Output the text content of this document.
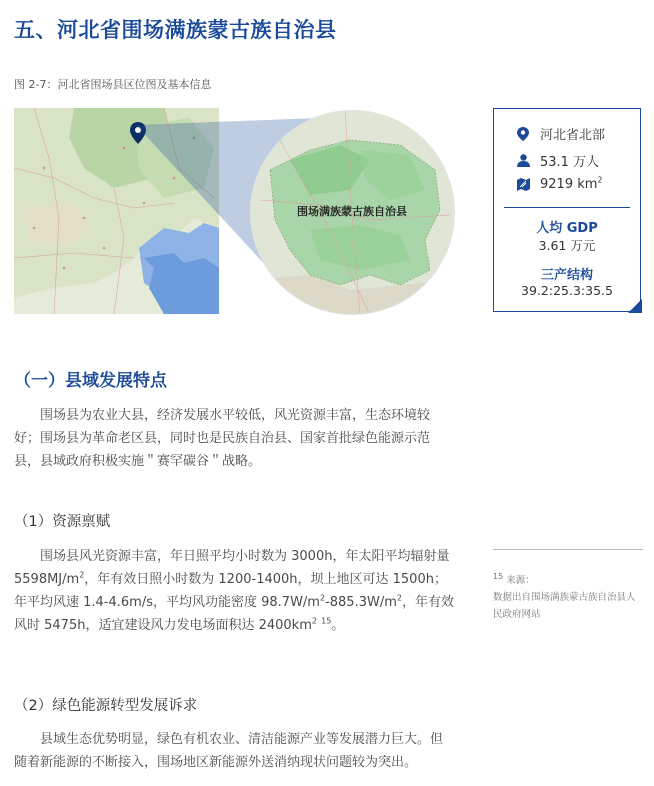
五、河北省围场满族蒙古族自治县
图 2-7：河北省围场县区位图及基本信息
围场满族蒙古族自治县
河北省北部
53.1 万人
9219 $km^2$
人均 GDP
3.61 万元
三产结构
39.2:25.3:35.5
（一）县域发展特点

围场县为农业大县，经济发展水平较低，风光资源丰富，生态环境较好；围场县为革命老区县，同时也是民族自治县、国家首批绿色能源示范县，县域政府积极实施＂赛罕碳谷＂战略。

（1）资源禀赋

围场县风光资源丰富，年日照平均小时数为 3000h，年太阳平均辐射量 $5598MJ/m^2$，年有效日照小时数为 1200-1400h，坝上地区可达 1500h；年平均风速 1.4-4.6m/s，平均风功能密度 $98.7W/m^2-885.3W/m^2$，年有效风时 5475h，适宜建设风力发电场面积达 $2400km^2$ $^{15}$。

$^{15}$ 来源：
数据出自围场满族蒙古族自治县人民政府网站
（2）绿色能源转型发展诉求

县域生态优势明显，绿色有机农业、清洁能源产业等发展潜力巨大。但随着新能源的不断接入，围场地区新能源外送消纳现状问题较为突出。
